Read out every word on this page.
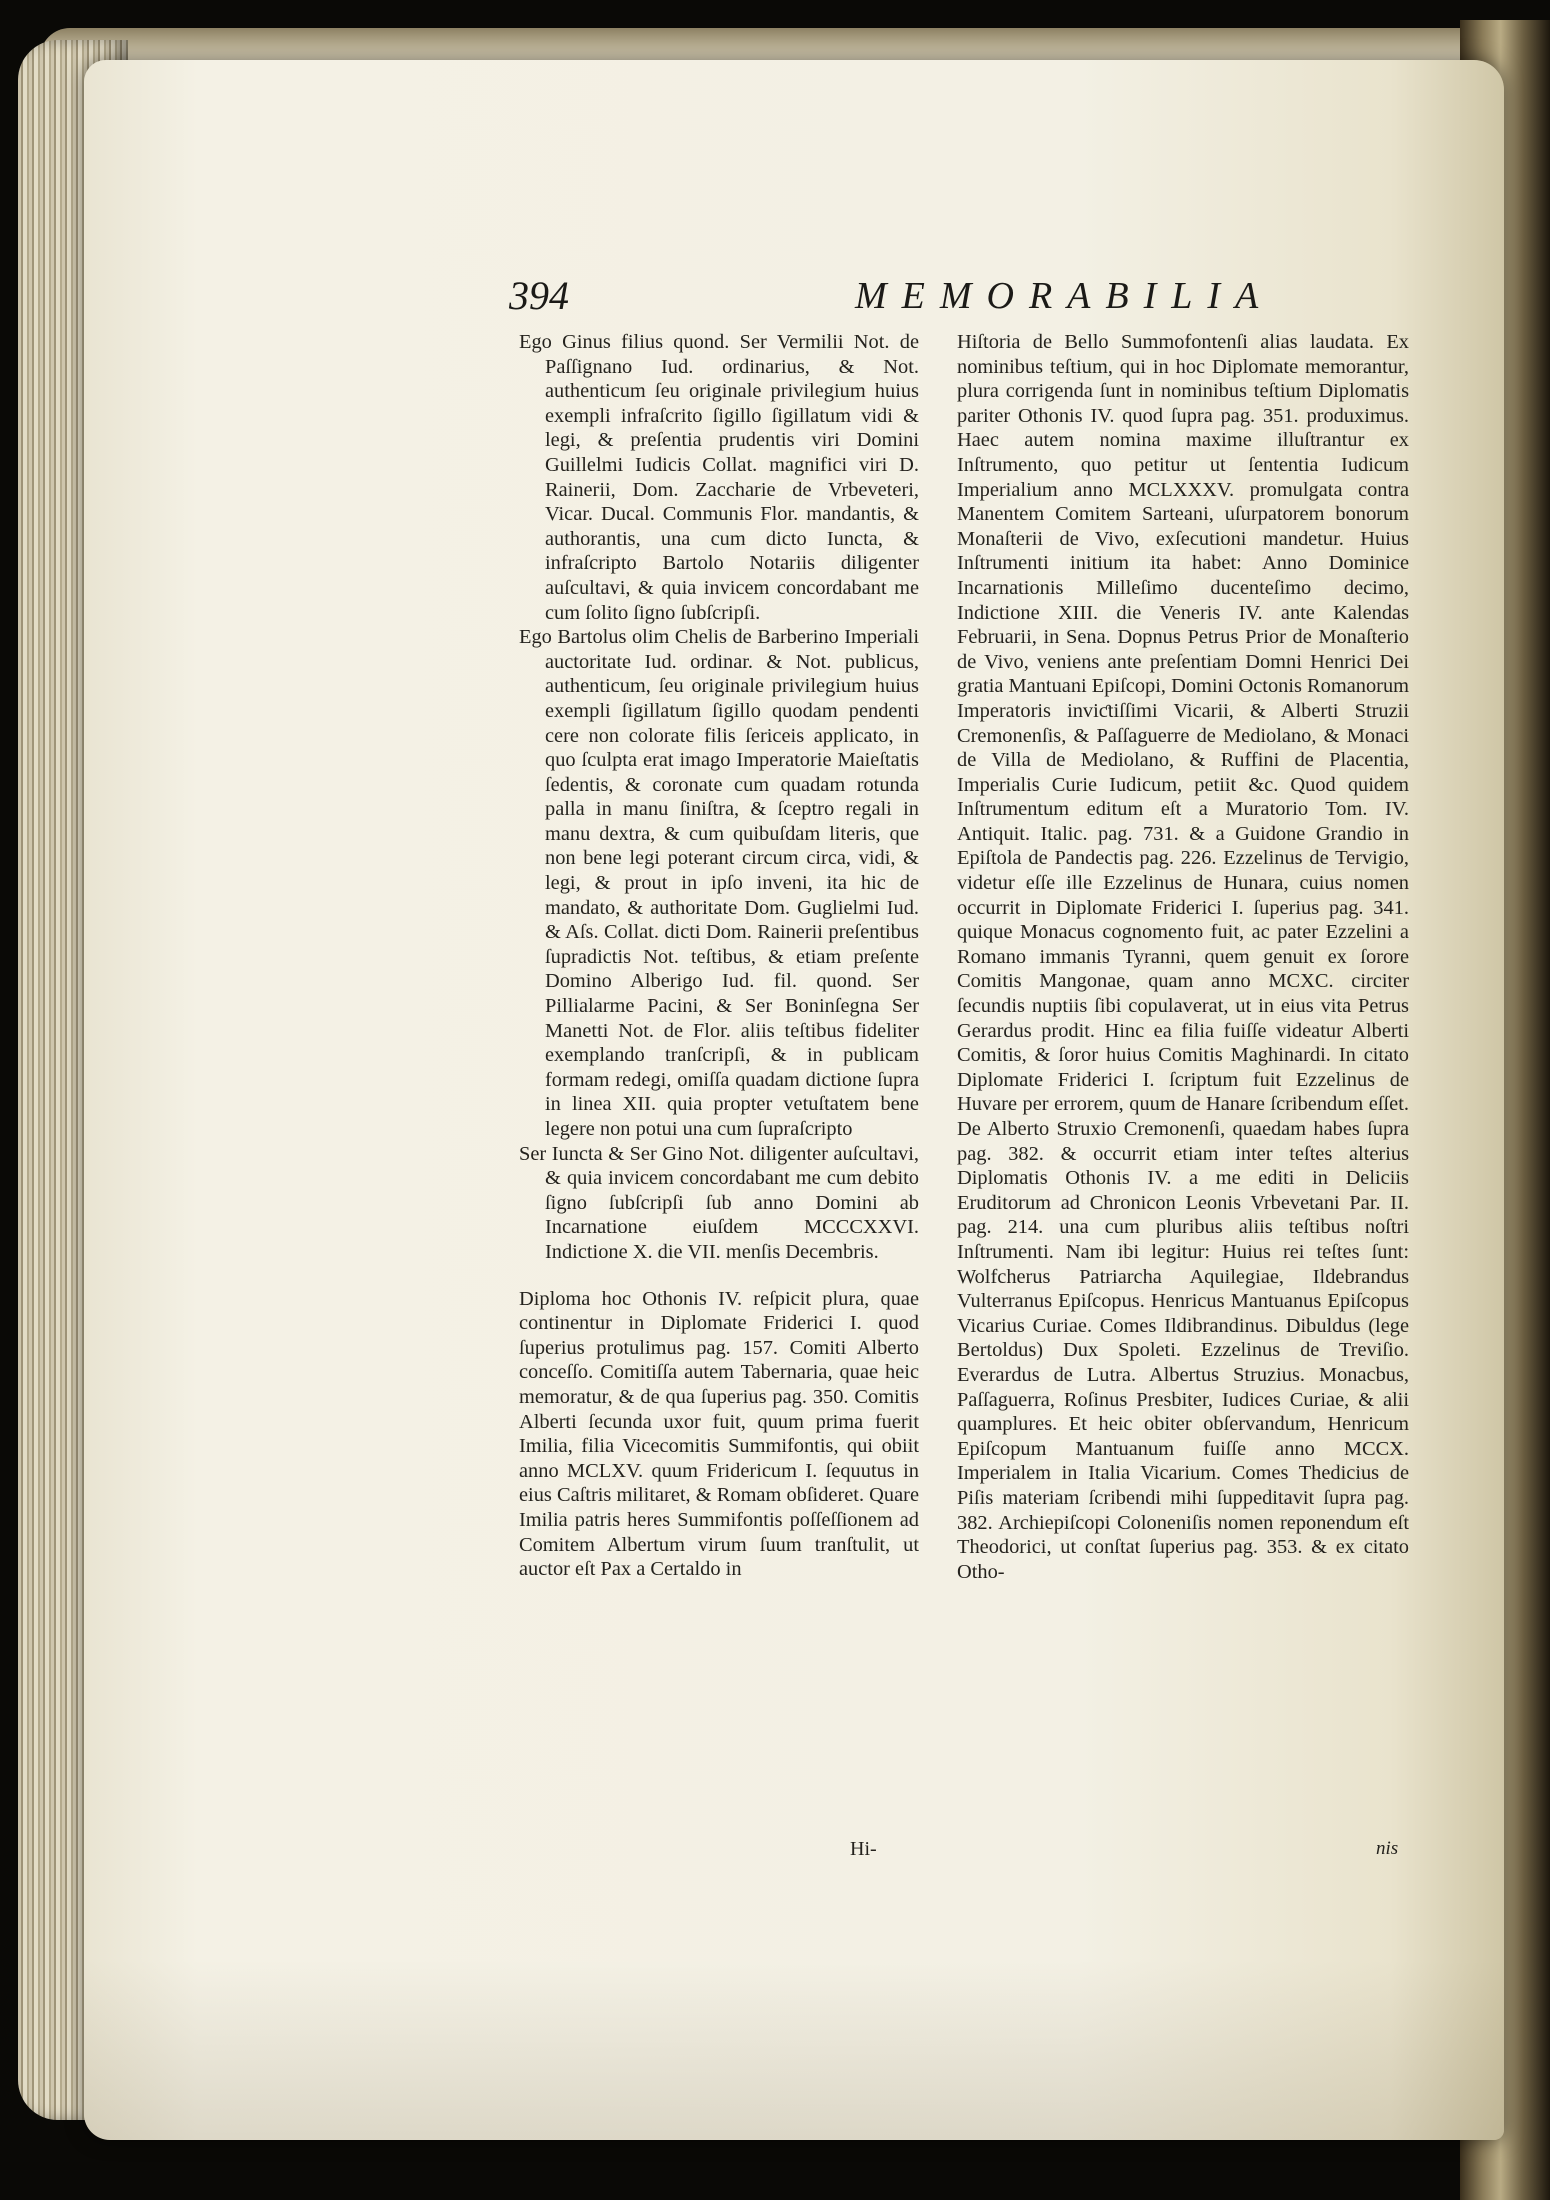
394	MEMORABILIA

Ego Ginus filius quond. Ser Vermilii Not. de Paſſignano Iud. ordinarius, & Not. authenticum ſeu originale privilegium huius exempli infraſcrito ſigillo ſigillatum vidi & legi, & preſentia prudentis viri Domini Guillelmi Iudicis Collat. magnifici viri D. Rainerii, Dom. Zaccharie de Vrbeveteri, Vicar. Ducal. Communis Flor. mandantis, & authorantis, una cum dicto Iuncta, & infraſcripto Bartolo Notariis diligenter auſcultavi, & quia invicem concordabant me cum ſolito ſigno ſubſcripſi.

Ego Bartolus olim Chelis de Barberino Imperiali auctoritate Iud. ordinar. & Not. publicus, authenticum, ſeu originale privilegium huius exempli ſigillatum ſigillo quodam pendenti cere non colorate filis ſericeis applicato, in quo ſculpta erat imago Imperatorie Maieſtatis ſedentis, & coronate cum quadam rotunda palla in manu ſiniſtra, & ſceptro regali in manu dextra, & cum quibuſdam literis, que non bene legi poterant circum circa, vidi, & legi, & prout in ipſo inveni, ita hic de mandato, & authoritate Dom. Guglielmi Iud. & Aſs. Collat. dicti Dom. Rainerii preſentibus ſupradictis Not. teſtibus, & etiam preſente Domino Alberigo Iud. fil. quond. Ser Pillialarme Pacini, & Ser Boninſegna Ser Manetti Not. de Flor. aliis teſtibus fideliter exemplando tranſcripſi, & in publicam formam redegi, omiſſa quadam dictione ſupra in linea XII. quia propter vetuſtatem bene legere non potui una cum ſupraſcripto

Ser Iuncta & Ser Gino Not. diligenter auſcultavi, & quia invicem concordabant me cum debito ſigno ſubſcripſi ſub anno Domini ab Incarnatione eiuſdem MCCCXXVI. Indictione X. die VII. menſis Decembris.

Diploma hoc Othonis IV. reſpicit plura, quae continentur in Diplomate Friderici I. quod ſuperius protulimus pag. 157. Comiti Alberto conceſſo. Comitiſſa autem Tabernaria, quae heic memoratur, & de qua ſuperius pag. 350. Comitis Alberti ſecunda uxor fuit, quum prima fuerit Imilia, filia Vicecomitis Summifontis, qui obiit anno MCLXV. quum Fridericum I. ſequutus in eius Caſtris militaret, & Romam obſideret. Quare Imilia patris heres Summifontis poſſeſſionem ad Comitem Albertum virum ſuum tranſtulit, ut auctor eſt Pax a Certaldo in

Hiſtoria de Bello Summofontenſi alias laudata. Ex nominibus teſtium, qui in hoc Diplomate memorantur, plura corrigenda ſunt in nominibus teſtium Diplomatis pariter Othonis IV. quod ſupra pag. 351. produximus. Haec autem nomina maxime illuſtrantur ex Inſtrumento, quo petitur ut ſententia Iudicum Imperialium anno MCLXXXV. promulgata contra Manentem Comitem Sarteani, uſurpatorem bonorum Monaſterii de Vivo, exſecutioni mandetur. Huius Inſtrumenti initium ita habet: Anno Dominice Incarnationis Milleſimo ducenteſimo decimo, Indictione XIII. die Veneris IV. ante Kalendas Februarii, in Sena. Dopnus Petrus Prior de Monaſterio de Vivo, veniens ante preſentiam Domni Henrici Dei gratia Mantuani Epiſcopi, Domini Octonis Romanorum Imperatoris inviƈtiſſimi Vicarii, & Alberti Struzii Cremonenſis, & Paſſaguerre de Mediolano, & Monaci de Villa de Mediolano, & Ruffini de Placentia, Imperialis Curie Iudicum, petiit &c. Quod quidem Inſtrumentum editum eſt a Muratorio Tom. IV. Antiquit. Italic. pag. 731. & a Guidone Grandio in Epiſtola de Pandectis pag. 226. Ezzelinus de Tervigio, videtur eſſe ille Ezzelinus de Hunara, cuius nomen occurrit in Diplomate Friderici I. ſuperius pag. 341. quique Monacus cognomento fuit, ac pater Ezzelini a Romano immanis Tyranni, quem genuit ex ſorore Comitis Mangonae, quam anno MCXC. circiter ſecundis nuptiis ſibi copulaverat, ut in eius vita Petrus Gerardus prodit. Hinc ea filia fuiſſe videatur Alberti Comitis, & ſoror huius Comitis Maghinardi. In citato Diplomate Friderici I. ſcriptum fuit Ezzelinus de Huvare per errorem, quum de Hanare ſcribendum eſſet. De Alberto Struxio Cremonenſi, quaedam habes ſupra pag. 382. & occurrit etiam inter teſtes alterius Diplomatis Othonis IV. a me editi in Deliciis Eruditorum ad Chronicon Leonis Vrbevetani Par. II. pag. 214. una cum pluribus aliis teſtibus noſtri Inſtrumenti. Nam ibi legitur: Huius rei teſtes ſunt: Wolfcherus Patriarcha Aquilegiae, Ildebrandus Vulterranus Epiſcopus. Henricus Mantuanus Epiſcopus Vicarius Curiae. Comes Ildibrandinus. Dibuldus (lege Bertoldus) Dux Spoleti. Ezzelinus de Treviſio. Everardus de Lutra. Albertus Struzius. Monacbus, Paſſaguerra, Roſinus Presbiter, Iudices Curiae, & alii quamplures. Et heic obiter obſervandum, Henricum Epiſcopum Mantuanum fuiſſe anno MCCX. Imperialem in Italia Vicarium. Comes Thedicius de Piſis materiam ſcribendi mihi ſuppeditavit ſupra pag. 382. Archiepiſcopi Coloneniſis nomen reponendum eſt Theodorici, ut conſtat ſuperius pag. 353. & ex citato Otho-

Hi-	nis
